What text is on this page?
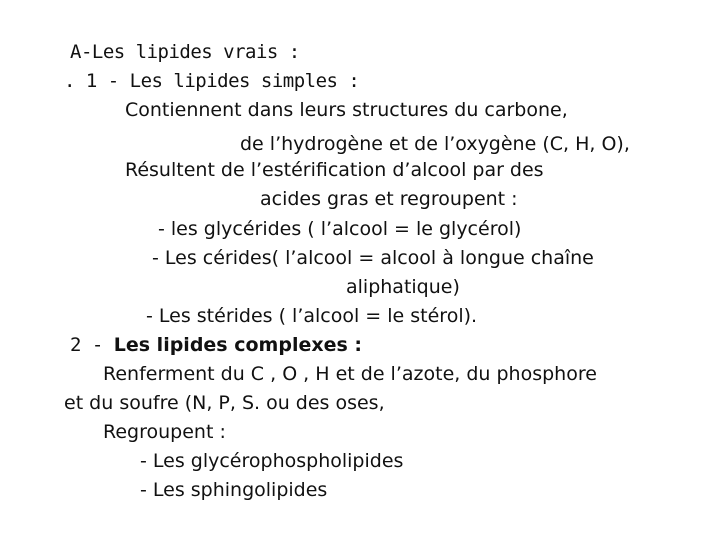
A-Les lipides vrais :
. 1 - Les lipides simples :
Contiennent dans leurs structures du carbone,
de l’hydrogène et de l’oxygène (C, H, O),
Résultent de l’estérification d’alcool par des
acides gras et regroupent :
- les glycérides ( l’alcool = le glycérol)
- Les cérides( l’alcool = alcool à longue chaîne
aliphatique)
- Les stérides ( l’alcool = le stérol).
2 - Les lipides complexes :
Renferment du C , O , H et de l’azote, du phosphore
et du soufre (N, P, S. ou des oses,
Regroupent :
- Les glycérophospholipides
- Les sphingolipides
